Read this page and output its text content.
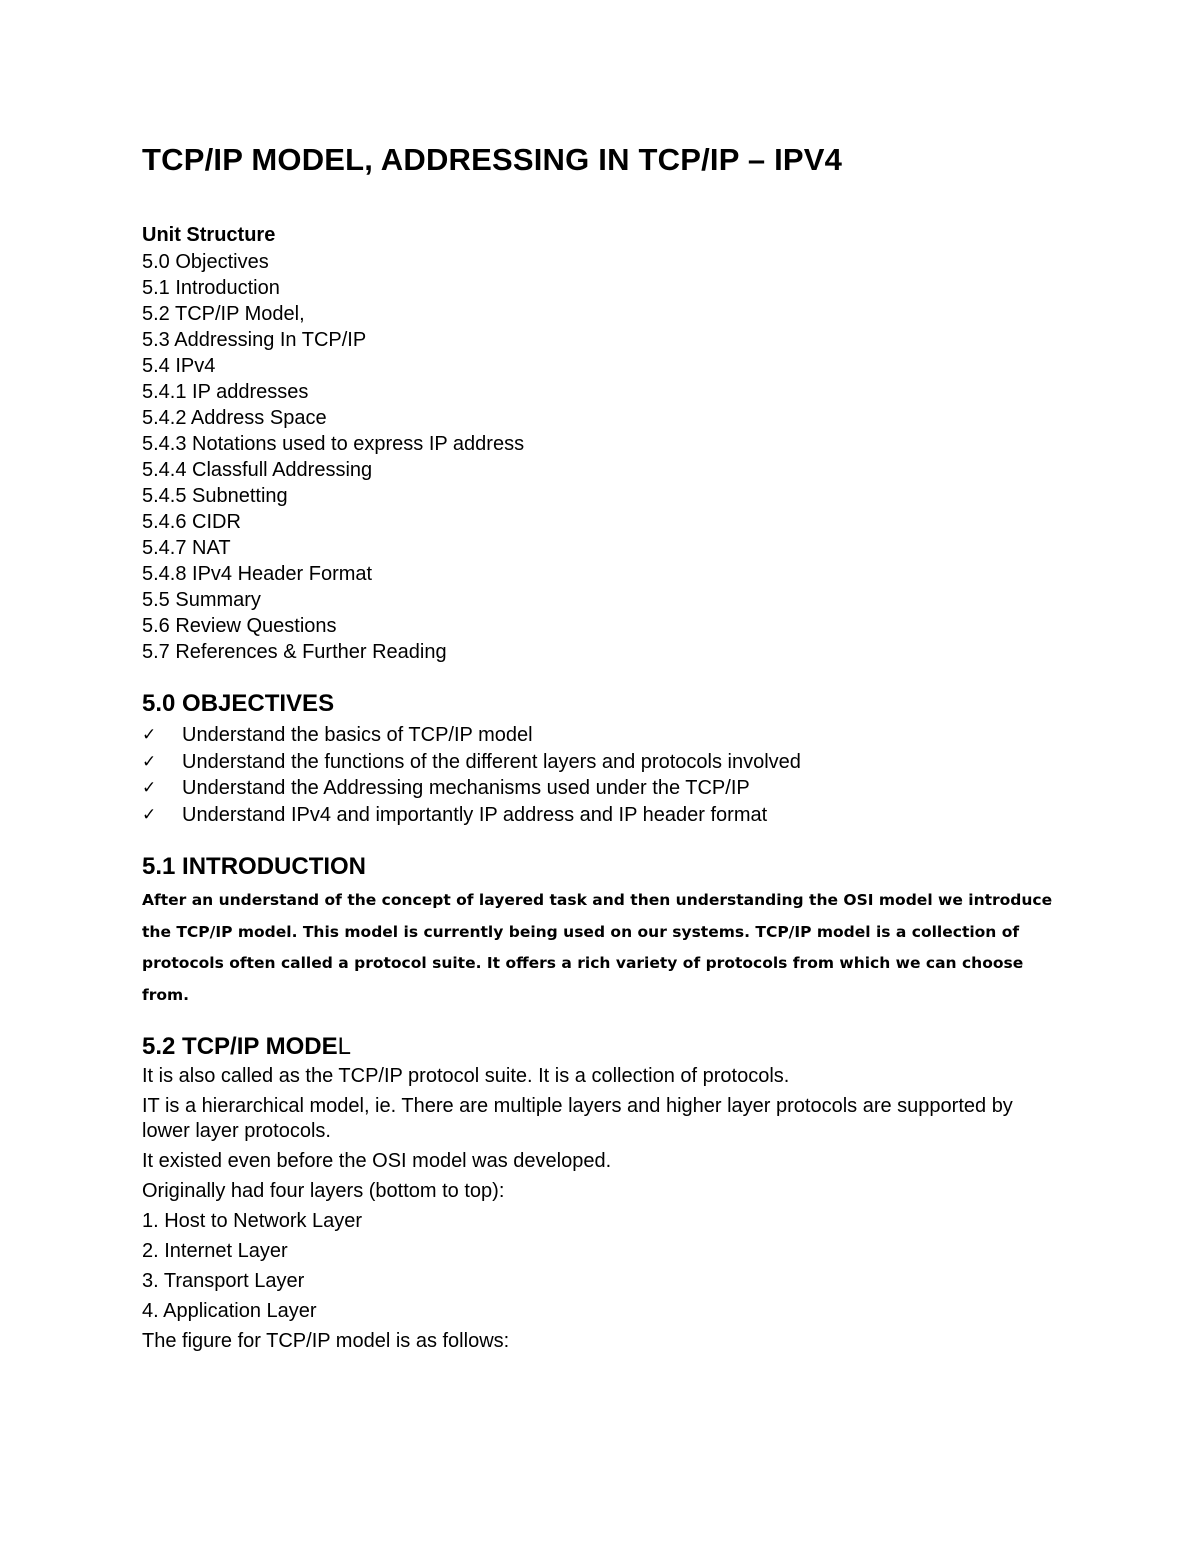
TCP/IP MODEL, ADDRESSING IN TCP/IP – IPV4
Unit Structure
5.0 Objectives
5.1 Introduction
5.2 TCP/IP Model,
5.3 Addressing In TCP/IP
5.4 IPv4
5.4.1 IP addresses
5.4.2 Address Space
5.4.3 Notations used to express IP address
5.4.4 Classfull Addressing
5.4.5 Subnetting
5.4.6 CIDR
5.4.7 NAT
5.4.8 IPv4 Header Format
5.5 Summary
5.6 Review Questions
5.7 References & Further Reading
5.0 OBJECTIVES
✓	Understand the basics of TCP/IP model
✓	Understand the functions of the different layers and protocols involved
✓	Understand the Addressing mechanisms used under the TCP/IP
✓	Understand IPv4 and importantly IP address and IP header format
5.1 INTRODUCTION

After an understand of the concept of layered task and then understanding the OSI model we introduce the TCP/IP model. This model is currently being used on our systems. TCP/IP model is a collection of protocols often called a protocol suite. It offers a rich variety of protocols from which we can choose from.

5.2 TCP/IP MODEL

It is also called as the TCP/IP protocol suite. It is a collection of protocols.

IT is a hierarchical model, ie. There are multiple layers and higher layer protocols are supported by lower layer protocols.

It existed even before the OSI model was developed.

Originally had four layers (bottom to top):

1. Host to Network Layer

2. Internet Layer

3. Transport Layer

4. Application Layer

The figure for TCP/IP model is as follows:
